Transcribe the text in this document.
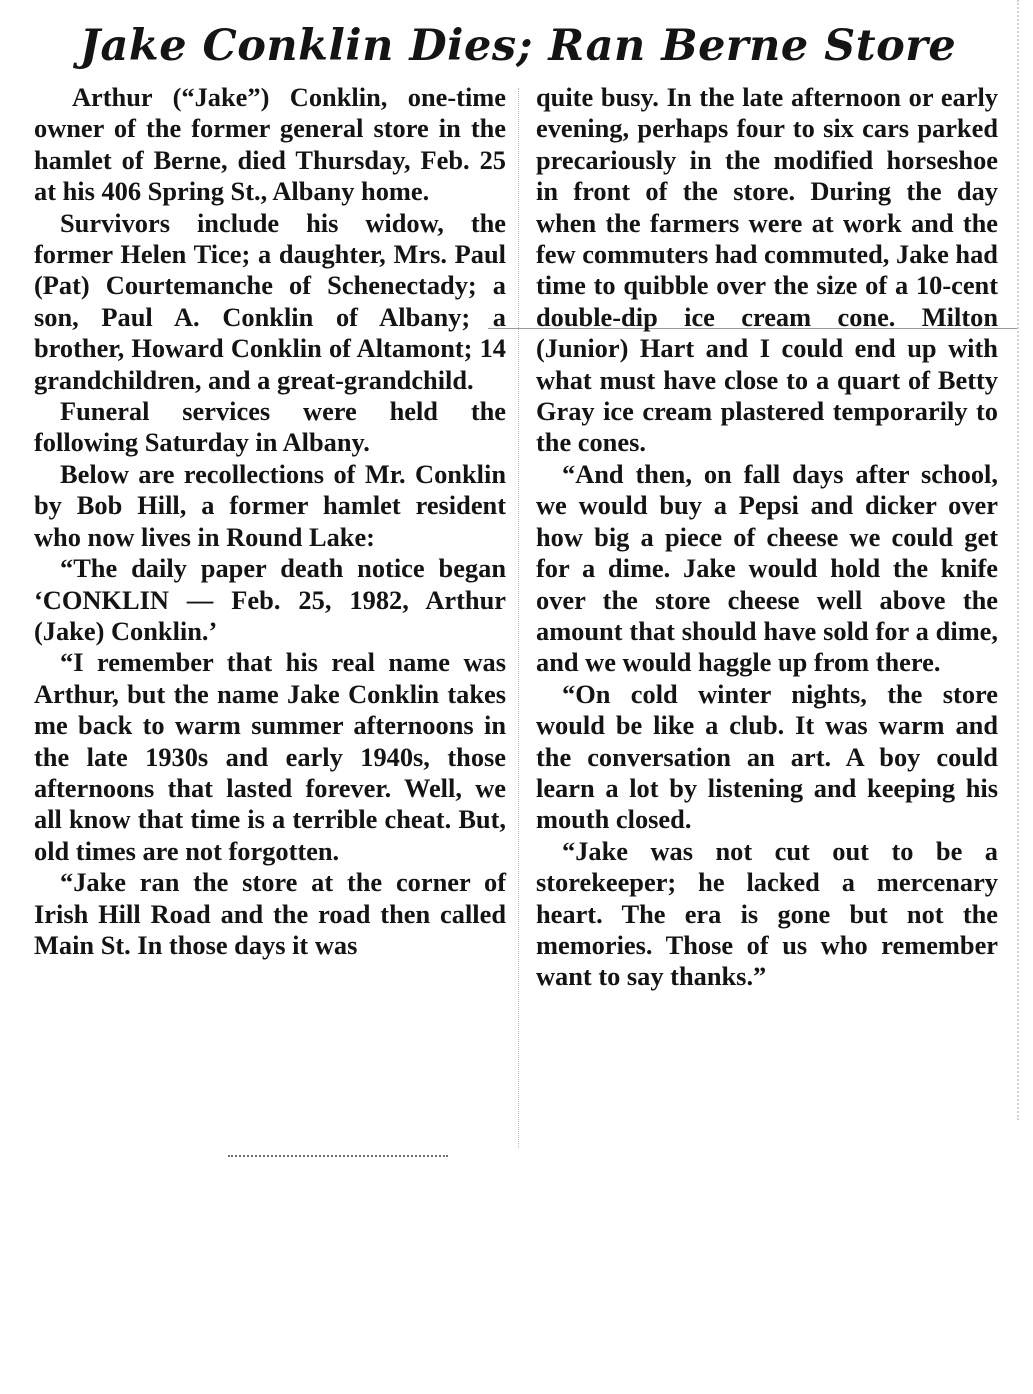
Jake Conklin Dies; Ran Berne Store

Arthur (“Jake”) Conklin, one-time owner of the former general store in the hamlet of Berne, died Thursday, Feb. 25 at his 406 Spring St., Albany home.

Survivors include his widow, the former Helen Tice; a daughter, Mrs. Paul (Pat) Courtemanche of Schenectady; a son, Paul A. Conklin of Albany; a brother, Howard Conklin of Altamont; 14 grandchildren, and a great-grandchild.

Funeral services were held the following Saturday in Albany.

Below are recollections of Mr. Conklin by Bob Hill, a former hamlet resident who now lives in Round Lake:

“The daily paper death notice began ‘CONKLIN — Feb. 25, 1982, Arthur (Jake) Conklin.’

“I remember that his real name was Arthur, but the name Jake Conklin takes me back to warm summer afternoons in the late 1930s and early 1940s, those afternoons that lasted forever. Well, we all know that time is a terrible cheat. But, old times are not forgotten.

“Jake ran the store at the corner of Irish Hill Road and the road then called Main St. In those days it was

quite busy. In the late afternoon or early evening, perhaps four to six cars parked precariously in the modified horseshoe in front of the store. During the day when the farmers were at work and the few commuters had commuted, Jake had time to quibble over the size of a 10-cent double-dip ice cream cone. Milton (Junior) Hart and I could end up with what must have close to a quart of Betty Gray ice cream plastered temporarily to the cones.

“And then, on fall days after school, we would buy a Pepsi and dicker over how big a piece of cheese we could get for a dime. Jake would hold the knife over the store cheese well above the amount that should have sold for a dime, and we would haggle up from there.

“On cold winter nights, the store would be like a club. It was warm and the conversation an art. A boy could learn a lot by listening and keeping his mouth closed.

“Jake was not cut out to be a storekeeper; he lacked a mercenary heart. The era is gone but not the memories. Those of us who remember want to say thanks.”
